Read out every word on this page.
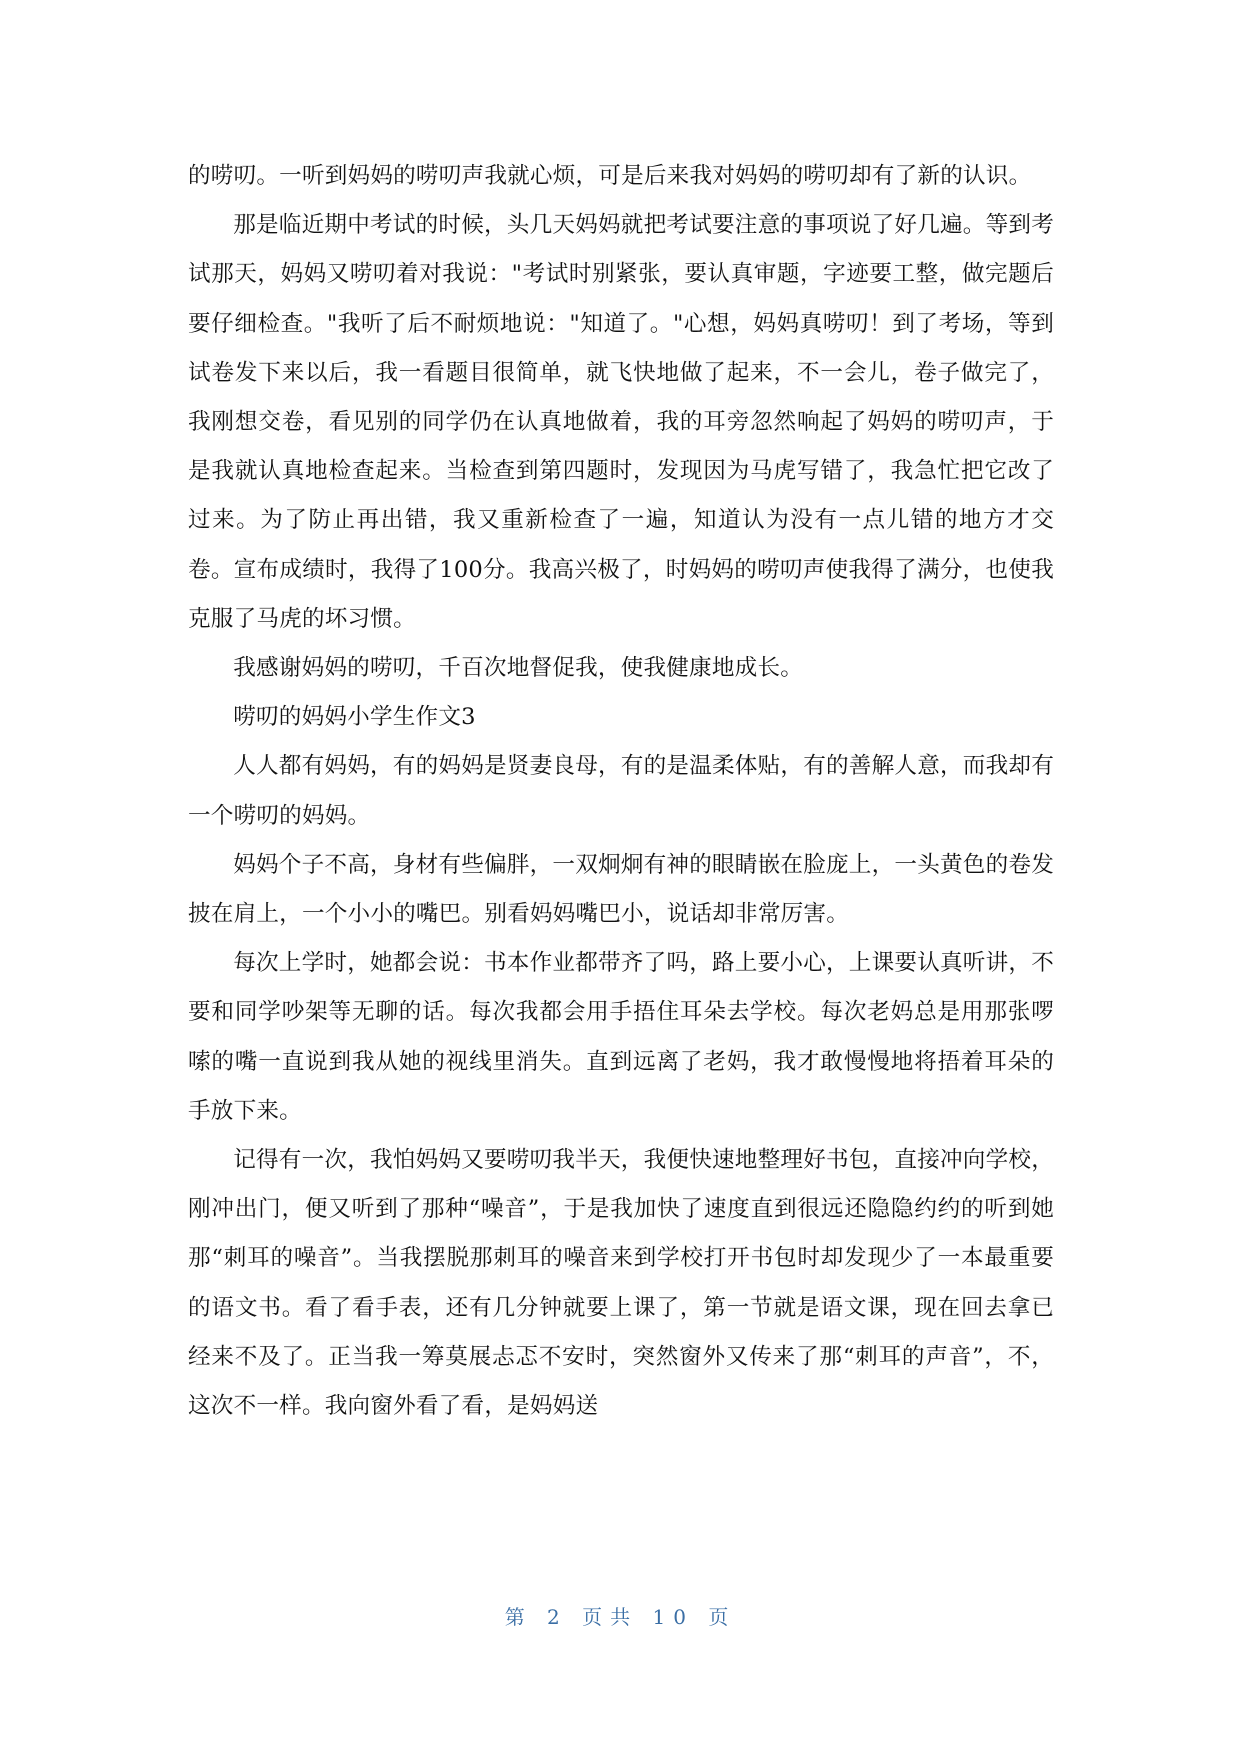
的唠叨。一听到妈妈的唠叨声我就心烦，可是后来我对妈妈的唠叨却有了新的认识。

那是临近期中考试的时候，头几天妈妈就把考试要注意的事项说了好几遍。等到考试那天，妈妈又唠叨着对我说："考试时别紧张，要认真审题，字迹要工整，做完题后要仔细检查。"我听了后不耐烦地说："知道了。"心想，妈妈真唠叨！到了考场，等到试卷发下来以后，我一看题目很简单，就飞快地做了起来，不一会儿，卷子做完了，我刚想交卷，看见别的同学仍在认真地做着，我的耳旁忽然响起了妈妈的唠叨声，于是我就认真地检查起来。当检查到第四题时，发现因为马虎写错了，我急忙把它改了过来。为了防止再出错，我又重新检查了一遍，知道认为没有一点儿错的地方才交卷。宣布成绩时，我得了100分。我高兴极了，时妈妈的唠叨声使我得了满分，也使我克服了马虎的坏习惯。

我感谢妈妈的唠叨，千百次地督促我，使我健康地成长。

唠叨的妈妈小学生作文3

人人都有妈妈，有的妈妈是贤妻良母，有的是温柔体贴，有的善解人意，而我却有一个唠叨的妈妈。

妈妈个子不高，身材有些偏胖，一双炯炯有神的眼睛嵌在脸庞上，一头黄色的卷发披在肩上，一个小小的嘴巴。别看妈妈嘴巴小，说话却非常厉害。

每次上学时，她都会说：书本作业都带齐了吗，路上要小心，上课要认真听讲，不要和同学吵架等无聊的话。每次我都会用手捂住耳朵去学校。每次老妈总是用那张啰嗦的嘴一直说到我从她的视线里消失。直到远离了老妈，我才敢慢慢地将捂着耳朵的手放下来。

记得有一次，我怕妈妈又要唠叨我半天，我便快速地整理好书包，直接冲向学校，刚冲出门，便又听到了那种“噪音”，于是我加快了速度直到很远还隐隐约约的听到她那“刺耳的噪音”。当我摆脱那刺耳的噪音来到学校打开书包时却发现少了一本最重要的语文书。看了看手表，还有几分钟就要上课了，第一节就是语文课，现在回去拿已经来不及了。正当我一筹莫展忐忑不安时，突然窗外又传来了那“刺耳的声音”，不，这次不一样。我向窗外看了看，是妈妈送

第 2 页共 10 页
